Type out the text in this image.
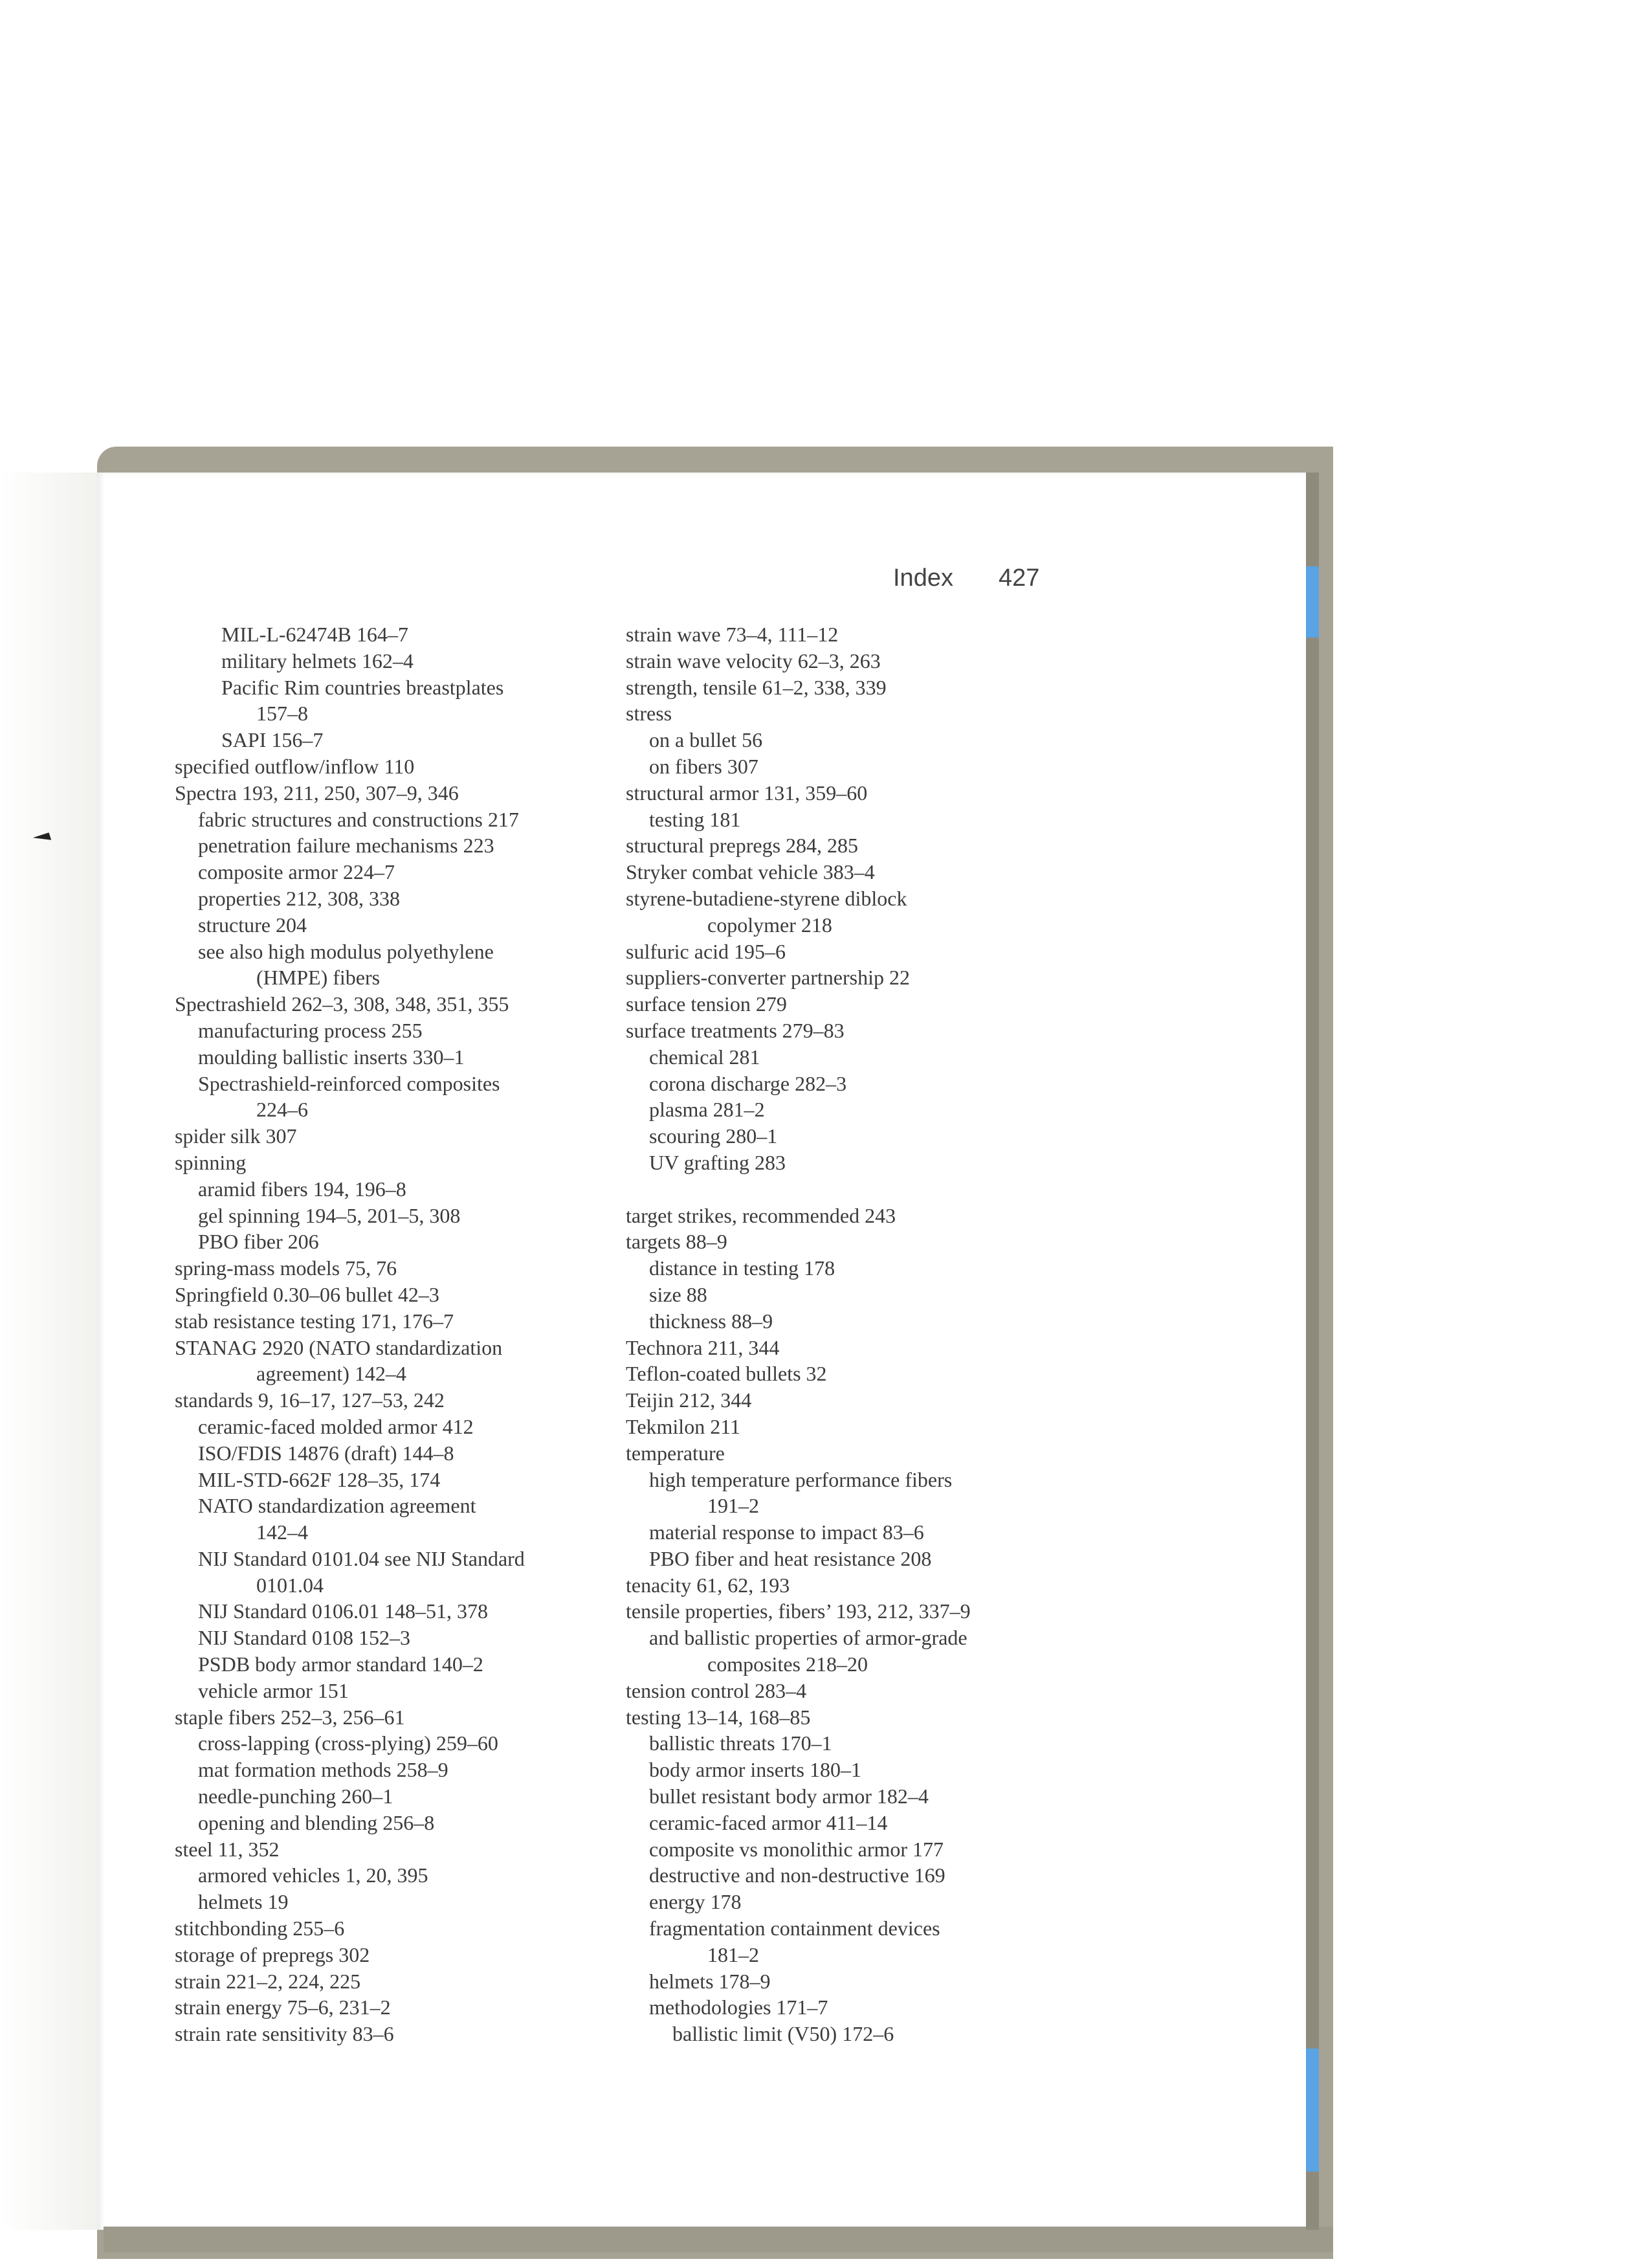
Index 427
MIL-L-62474B 164–7
military helmets 162–4
Pacific Rim countries breastplates
157–8
SAPI 156–7
specified outflow/inflow 110
Spectra 193, 211, 250, 307–9, 346
fabric structures and constructions 217
penetration failure mechanisms 223
composite armor 224–7
properties 212, 308, 338
structure 204
see also high modulus polyethylene
(HMPE) fibers
Spectrashield 262–3, 308, 348, 351, 355
manufacturing process 255
moulding ballistic inserts 330–1
Spectrashield-reinforced composites
224–6
spider silk 307
spinning
aramid fibers 194, 196–8
gel spinning 194–5, 201–5, 308
PBO fiber 206
spring-mass models 75, 76
Springfield 0.30–06 bullet 42–3
stab resistance testing 171, 176–7
STANAG 2920 (NATO standardization
agreement) 142–4
standards 9, 16–17, 127–53, 242
ceramic-faced molded armor 412
ISO/FDIS 14876 (draft) 144–8
MIL-STD-662F 128–35, 174
NATO standardization agreement
142–4
NIJ Standard 0101.04 see NIJ Standard
0101.04
NIJ Standard 0106.01 148–51, 378
NIJ Standard 0108 152–3
PSDB body armor standard 140–2
vehicle armor 151
staple fibers 252–3, 256–61
cross-lapping (cross-plying) 259–60
mat formation methods 258–9
needle-punching 260–1
opening and blending 256–8
steel 11, 352
armored vehicles 1, 20, 395
helmets 19
stitchbonding 255–6
storage of prepregs 302
strain 221–2, 224, 225
strain energy 75–6, 231–2
strain rate sensitivity 83–6
strain wave 73–4, 111–12
strain wave velocity 62–3, 263
strength, tensile 61–2, 338, 339
stress
on a bullet 56
on fibers 307
structural armor 131, 359–60
testing 181
structural prepregs 284, 285
Stryker combat vehicle 383–4
styrene-butadiene-styrene diblock
copolymer 218
sulfuric acid 195–6
suppliers-converter partnership 22
surface tension 279
surface treatments 279–83
chemical 281
corona discharge 282–3
plasma 281–2
scouring 280–1
UV grafting 283
target strikes, recommended 243
targets 88–9
distance in testing 178
size 88
thickness 88–9
Technora 211, 344
Teflon-coated bullets 32
Teijin 212, 344
Tekmilon 211
temperature
high temperature performance fibers
191–2
material response to impact 83–6
PBO fiber and heat resistance 208
tenacity 61, 62, 193
tensile properties, fibers’ 193, 212, 337–9
and ballistic properties of armor-grade
composites 218–20
tension control 283–4
testing 13–14, 168–85
ballistic threats 170–1
body armor inserts 180–1
bullet resistant body armor 182–4
ceramic-faced armor 411–14
composite vs monolithic armor 177
destructive and non-destructive 169
energy 178
fragmentation containment devices
181–2
helmets 178–9
methodologies 171–7
ballistic limit (V50) 172–6
